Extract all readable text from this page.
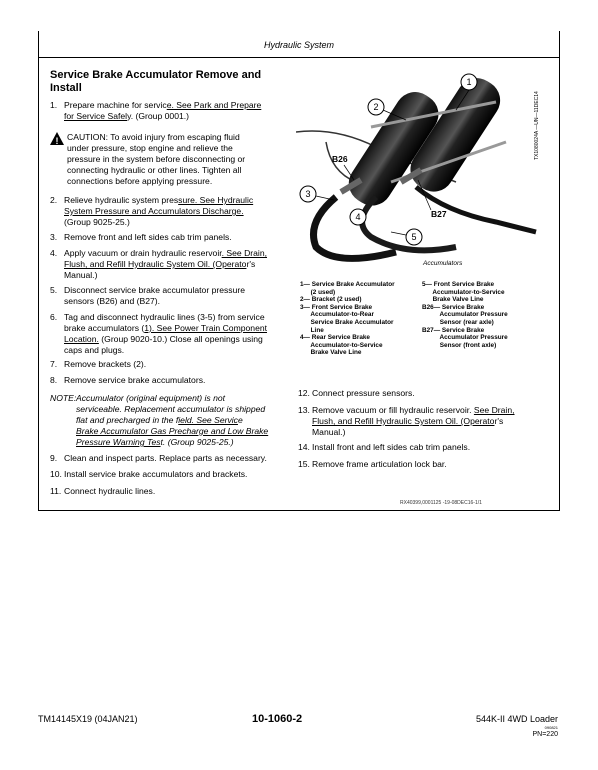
Hydraulic System
Service Brake Accumulator Remove and
Install
1. Prepare machine for service. See Park and Prepare
for Service Safely. (Group 0001.)
! CAUTION: To avoid injury from escaping fluid
under pressure, stop engine and relieve the
pressure in the system before disconnecting or
connecting hydraulic or other lines. Tighten all
connections before applying pressure.
2. Relieve hydraulic system pressure. See Hydraulic
System Pressure and Accumulators Discharge.
(Group 9025-25.)
3. Remove front and left sides cab trim panels.
4. Apply vacuum or drain hydraulic reservoir. See Drain,
Flush, and Refill Hydraulic System Oil. (Operator's
Manual.)
5. Disconnect service brake accumulator pressure
sensors (B26) and (B27).
6. Tag and disconnect hydraulic lines (3-5) from service
brake accumulators (1). See Power Train Component
Location. (Group 9020-10.) Close all openings using
caps and plugs.
7. Remove brackets (2).
8. Remove service brake accumulators.
NOTE: Accumulator (original equipment) is not
serviceable. Replacement accumulator is shipped
flat and precharged in the field. See Service
Brake Accumulator Gas Precharge and Low Brake
Pressure Warning Test. (Group 9025-25.)
9. Clean and inspect parts. Replace parts as necessary.
10. Install service brake accumulators and brackets.
11. Connect hydraulic lines.
12. Connect pressure sensors.
13. Remove vacuum or fill hydraulic reservoir. See Drain,
Flush, and Refill Hydraulic System Oil. (Operator's
Manual.)
14. Install front and left sides cab trim panels.
15. Remove frame articulation lock bar.
1
2
3
4
5
B26
B27
Accumulators
TX1080024A —UN—11DEC14
1— Service Brake Accumulator
(2 used)
2— Bracket (2 used)
3— Front Service Brake
Accumulator-to-Rear
Service Brake Accumulator
Line
4— Rear Service Brake
Accumulator-to-Service
Brake Valve Line
5— Front Service Brake
Accumulator-to-Service
Brake Valve Line
B26— Service Brake
Accumulator Pressure
Sensor (rear axle)
B27— Service Brake
Accumulator Pressure
Sensor (front axle)
RX40399,0001125 -19-08DEC16-1/1
TM14145X19 (04JAN21)	10-1060-2	544K-II 4WD Loader
090821
PN=220
